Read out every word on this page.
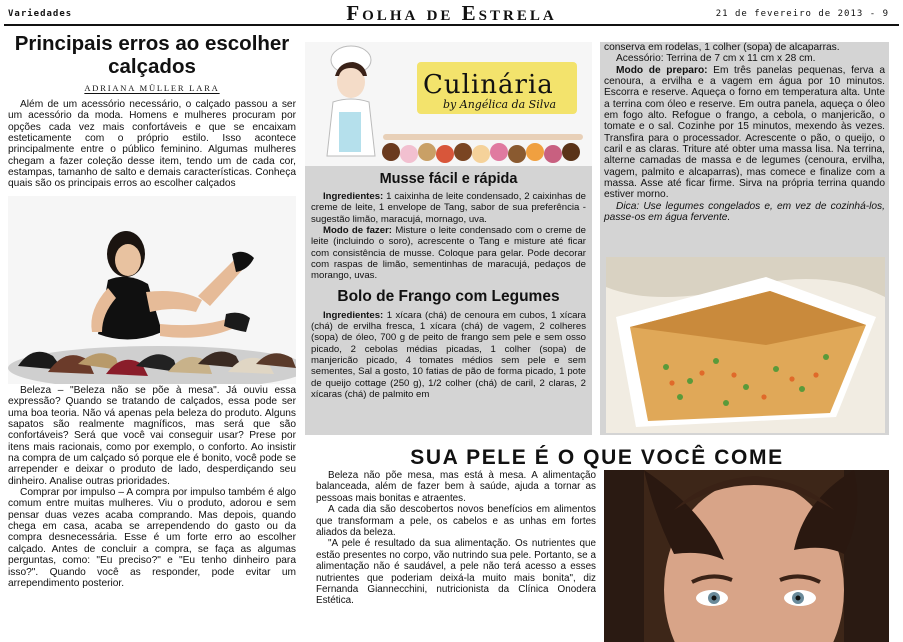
Variedades	Folha de Estrela	21 de fevereiro de 2013 - 9
Principais erros ao escolher calçados
ADRIANA MÜLLER LARA

Além de um acessório necessário, o calçado passou a ser um acessório da moda. Homens e mulheres procuram por opções cada vez mais confortáveis e que se encaixam esteticamente com o próprio estilo. Isso acontece principalmente entre o público feminino. Algumas mulheres chegam a fazer coleção desse item, tendo um de cada cor, estampas, tamanho de salto e demais características. Conheça quais são os principais erros ao escolher calçados

Beleza – "Beleza não se põe à mesa". Já ouviu essa expressão? Quando se tratando de calçados, essa pode ser uma boa teoria. Não vá apenas pela beleza do produto. Alguns sapatos são realmente magníficos, mas será que são confortáveis? Será que você vai conseguir usar? Prese por itens mais racionais, como por exemplo, o conforto. Ao insistir na compra de um calçado só porque ele é bonito, você pode se arrepender e deixar o produto de lado, desperdiçando seu dinheiro. Analise outras prioridades.

Comprar por impulso – A compra por impulso também é algo comum entre muitas mulheres. Viu o produto, adorou e sem pensar duas vezes acaba comprando. Mas depois, quando chega em casa, acaba se arrependendo do gasto ou da compra desnecessária. Esse é um forte erro ao escolher calçado. Antes de concluir a compra, se faça as algumas perguntas, como: "Eu preciso?" e "Eu tenho dinheiro para isso?". Quando você as responder, pode evitar um arrependimento posterior.

Culinária
by Angélica da Silva
Musse fácil e rápida

Ingredientes: 1 caixinha de leite condensado, 2 caixinhas de creme de leite, 1 envelope de Tang, sabor de sua preferência - sugestão limão, maracujá, mornago, uva.

Modo de fazer: Misture o leite condensado com o creme de leite (incluindo o soro), acrescente o Tang e misture até ficar com consistência de musse. Coloque para gelar. Pode decorar com raspas de limão, sementinhas de maracujá, pedaços de morango, uvas.

Bolo de Frango com Legumes

Ingredientes: 1 xícara (chá) de cenoura em cubos, 1 xícara (chá) de ervilha fresca, 1 xícara (chá) de vagem, 2 colheres (sopa) de óleo, 700 g de peito de frango sem pele e sem osso picado, 2 cebolas médias picadas, 1 colher (sopa) de manjericão picado, 4 tomates médios sem pele e sem sementes, Sal a gosto, 10 fatias de pão de forma picado, 1 pote de queijo cottage (250 g), 1/2 colher (chá) de caril, 2 claras, 2 xícaras (chá) de palmito em

conserva em rodelas, 1 colher (sopa) de alcaparras.

Acessório: Terrina de 7 cm x 11 cm x 28 cm.

Modo de preparo: Em três panelas pequenas, ferva a cenoura, a ervilha e a vagem em água por 10 minutos. Escorra e reserve. Aqueça o forno em temperatura alta. Unte a terrina com óleo e reserve. Em outra panela, aqueça o óleo em fogo alto. Refogue o frango, a cebola, o manjericão, o tomate e o sal. Cozinhe por 15 minutos, mexendo às vezes. Transfira para o processador. Acrescente o pão, o queijo, o caril e as claras. Triture até obter uma massa lisa. Na terrina, alterne camadas de massa e de legumes (cenoura, ervilha, vagem, palmito e alcaparras), mas comece e finalize com a massa. Asse até ficar firme. Sirva na própria terrina quando estiver morno.

Dica: Use legumes congelados e, em vez de cozinhá-los, passe-os em água fervente.

SUA PELE É O QUE VOCÊ COME

Beleza não põe mesa, mas está à mesa. A alimentação balanceada, além de fazer bem à saúde, ajuda a tornar as pessoas mais bonitas e atraentes.

A cada dia são descobertos novos benefícios em alimentos que transformam a pele, os cabelos e as unhas em fortes aliados da beleza.

"A pele é resultado da sua alimentação. Os nutrientes que estão presentes no corpo, vão nutrindo sua pele. Portanto, se a alimentação não é saudável, a pele não terá acesso a esses nutrientes que poderiam deixá-la muito mais bonita", diz Fernanda Giannecchini, nutricionista da Clínica Onodera Estética.
